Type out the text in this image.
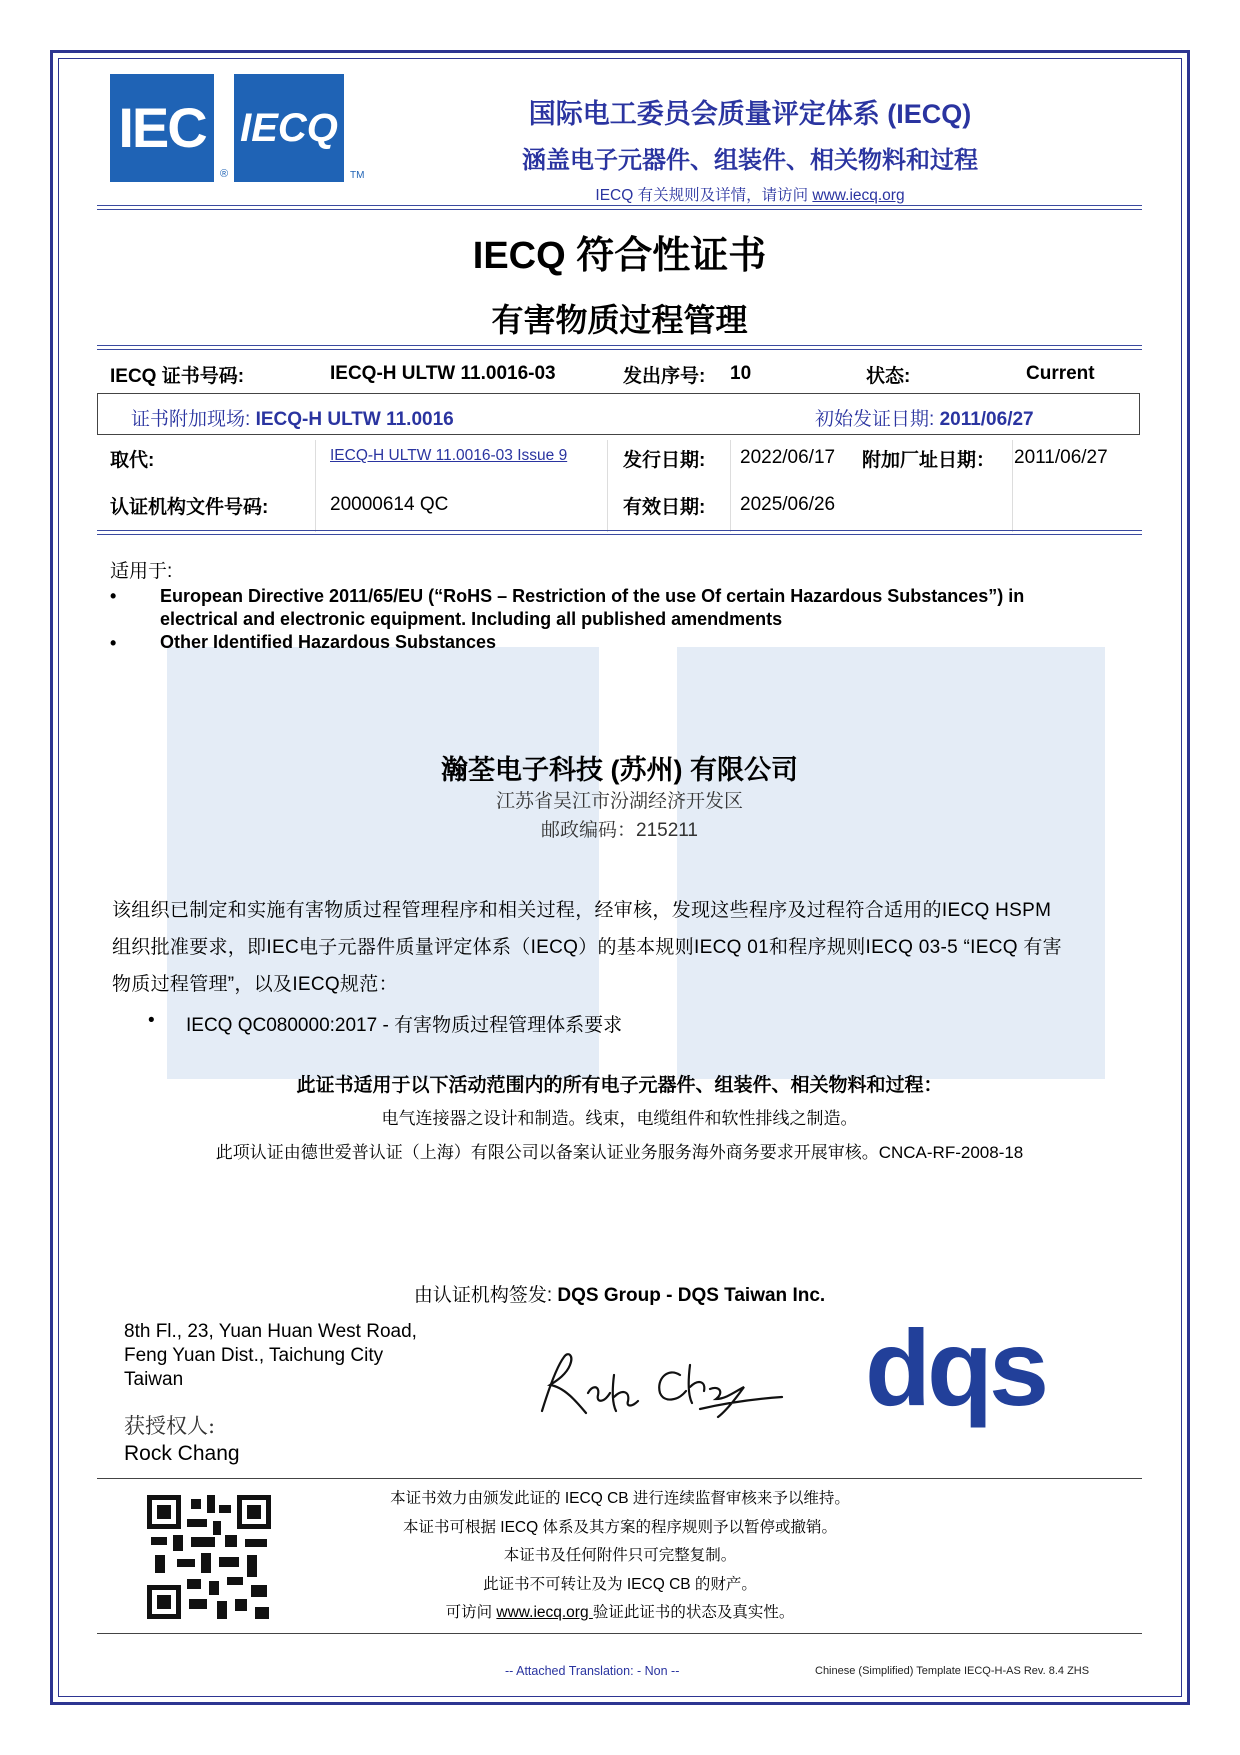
IEC
®
IECQ
TM
国际电工委员会质量评定体系 (IECQ)
涵盖电子元器件、组装件、相关物料和过程
IECQ 有关规则及详情，请访问 www.iecq.org
IECQ 符合性证书
有害物质过程管理
IECQ 证书号码:	IECQ-H ULTW 11.0016-03	发出序号: 10	状态:	Current
证书附加现场: IECQ-H ULTW 11.0016	初始发证日期: 2011/06/27
取代:	IECQ-H ULTW 11.0016-03 Issue 9	发行日期: 2022/06/17 附加厂址日期： 2011/06/27
认证机构文件号码:	20000614 QC	有效日期: 2025/06/26
适用于:
• European Directive 2011/65/EU (“RoHS – Restriction of the use Of certain Hazardous Substances”) in
electrical and electronic equipment. Including all published amendments
• Other Identified Hazardous Substances
瀚荃电子科技 (苏州) 有限公司
江苏省吴江市汾湖经济开发区
邮政编码：215211
该组织已制定和实施有害物质过程管理程序和相关过程，经审核，发现这些程序及过程符合适用的IECQ HSPM
组织批准要求，即IEC电子元器件质量评定体系（IECQ）的基本规则IECQ 01和程序规则IECQ 03-5 “IECQ 有害
物质过程管理”，以及IECQ规范：
• IECQ QC080000:2017 - 有害物质过程管理体系要求
此证书适用于以下活动范围内的所有电子元器件、组装件、相关物料和过程：
电气连接器之设计和制造。线束，电缆组件和软性排线之制造。
此项认证由德世爱普认证（上海）有限公司以备案认证业务服务海外商务要求开展审核。CNCA-RF-2008-18
由认证机构签发: DQS Group - DQS Taiwan Inc.
8th Fl., 23, Yuan Huan West Road,
Feng Yuan Dist., Taichung City
Taiwan
获授权人:
Rock Chang
dqs
本证书效力由颁发此证的 IECQ CB 进行连续监督审核来予以维持。
本证书可根据 IECQ 体系及其方案的程序规则予以暂停或撤销。
本证书及任何附件只可完整复制。
此证书不可转让及为 IECQ CB 的财产。
可访问 www.iecq.org 验证此证书的状态及真实性。
-- Attached Translation: - Non --	Chinese (Simplified) Template IECQ-H-AS Rev. 8.4 ZHS
